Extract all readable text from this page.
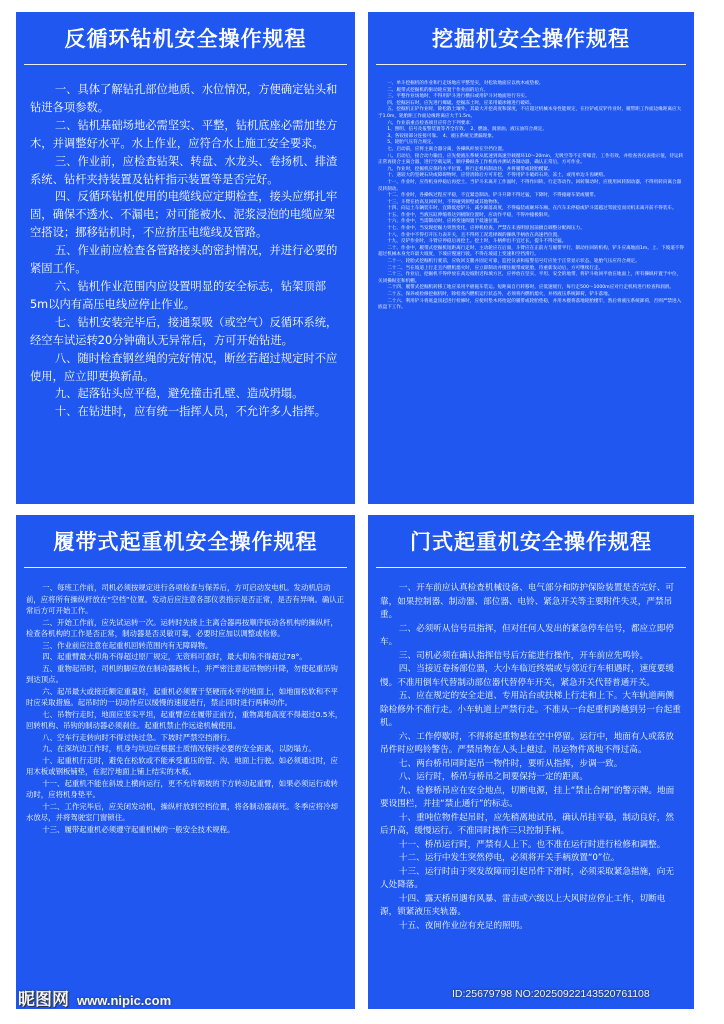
反循环钻机安全操作规程

一、具体了解钻孔部位地质、水位情况，方便确定钻头和钻进各项参数。

二、钻机基础场地必需坚实、平整，钻机底座必需加垫方木，并调整好水平。水上作业，应符合水上施工安全要求。

三、作业前，应检查钻架、转盘、水龙头、卷扬机、排渣系统、钻杆夹持装置及钻杆指示装置等是否完好。

四、反循环钻机使用的电缆线应定期检查，接头应绑扎牢固，确保不透水、不漏电；对可能被水、泥浆浸泡的电缆应架空搭设；挪移钻机时，不应挤压电缆线及管路。

五、作业前应检查各管路接头的密封情况，并进行必要的紧固工作。

六、钻机作业范围内应设置明显的安全标志，钻架顶部5m以内有高压电线应停止作业。

七、钻机安装完毕后，接通泵吸（或空气）反循环系统，经空车试运转20分钟确认无异常后，方可开始钻进。

八、随时检查钢丝绳的完好情况，断丝若超过规定时不应使用，应立即更换新品。

九、起落钻头应平稳，避免撞击孔壁、造成坍塌。

十、在钻进时，应有统一指挥人员，不允许多人指挥。

挖掘机安全操作规程

一、单斗挖掘机的作业和行走场地应平整坚实，对松软地面应以枕木或垫板。

二、履带式挖掘机的驱动轮应置于作业面的后方。

三、平整作业场地时，不得用铲斗进行横扫或用铲斗对地面进行夯实。

四、挖掘岩石时，应先进行爆破。挖掘冻土时，应采用破冰锤进行破碎。

五、挖掘机正铲作业时，除松散土壤外，其最大开挖高度和深度，不应超过机械本身性能规定，在拉铲或反铲作业时，履带距工作面边缘距离应大于1.0m，轮胎距工作面边缘距离应大于1.5m。

六、作业前重点检查项目应符合下列要求：

1、照明、信号及报警装置等齐全有效。　2、燃油、润滑油、液压油符合规定。

3、各铰接部分连接可靠。　4、液压系统无泄漏现象。

5、轮胎气压符合规定。

七、启动前，应将主离合器分离，各操纵杆放在空挡位置。

八、启动后，接合动力输出，应先使液压系统从低速到高速空载循环10～20min，无吸空等不正常噪音，工作有效，并检查各仪表指示值，待运转正常再接合主离合器，进行空载运转，顺序操纵各工作机构并测试各制动器，确认正常后，方可作业。

九、作业时，挖掘机应保持水平位置，将行走机构制动住，并将履带或轮胎楔紧。

十、遇较大的坚硬石块或障碍物时，应待清除后方可开挖，不得用铲斗破碎石块、冻土，或用单边斗齿硬啃。

十一、作业时，应待机身停稳后再挖土，当铲斗未离开工作面时，不得作回转、行走等动作。回转制动时，应使用回转制动器，不得用转向离合器反转制动。

十二、作业时，各操纵过程应平稳，不宜紧急制动。铲斗升降不得过猛，下降时，不得撞碰车架或履带。

十三、斗臂在抬高及回转时，不得碰到洞壁或其他物体。

十四、向运土车辆装车时，宜降低挖铲斗，减少卸落高度，不得偏装或砸坏车厢。在汽车未停稳或铲斗需越过驾驶室而司机未离开前不得装车。

十五、作业中，当液压缸伸缩将达到极限位置时，应动作平稳，不得冲撞极限块。

十六、作业中，当需制动时，应将变速阀置于低速位置。

十七、作业中，当发现挖掘力突然变化，应停机检查，严禁在未查明原因前擅自调整分配阀压力。

十八、作业中不得打开压力表开关，且不得将工况选择阀的操纵手柄放在高速挡位置。

十九、反铲作业时，斗臂应停稳后再挖土。挖土时，斗柄伸出不宜过长，提斗不得过猛。

二十、作业中，履带式挖掘机短距离行走时，主动轮应在后面，斗臂应在正前方与履带平行，制动住回转机构，铲斗应离地面1m。上、下坡道不得超过机械本身允许最大坡度，下坡应慢速行驶。不得在坡道上变速和空挡滑行。

二十一、轮胎式挖掘机行驶前，应收回支腿并固定可靠，监控仪表和报警信号灯应处于正常显示状态，轮胎气压应符合规定。

二十二、当在坡道上行走且内燃机熄火时，应立即制动并楔住履带或轮胎，待重新发动后，方可继续行走。

二十三、作业后，挖掘机不得停放在高边坡附近和填方区，应停放在坚实、平坦、安全的地带，将铲斗收回平放在地面上，所有操纵杆置于中位，关闭操纵室和机棚。

二十四、履带式挖掘机转移工地应采用平板拖车装运。短距离自行转移时，应低速缓行，每行走500～1000m应对行走机构进行检查和润滑。

二十五、保养或检修挖掘机时，除检查内燃机运行状态外，必须将内燃机熄火，并将液压系统卸荷，铲斗落地。

二十六、利用铲斗将底盘顶起进行检修时，应使用垫木将抬起的履带或轮胎垫稳，并用木楔将落地轮胎楔牢，然后将液压系统卸荷，否则严禁进入底盘下工作。

履带式起重机安全操作规程

一、每班工作前，司机必须按规定进行各项检查与保养后，方可启动发电机。发动机启动前，应将所有操纵杆放在“空档”位置。发动后应注意各部仪表指示是否正常，是否有异响。确认正常后方可开始工作。

二、开始工作前，应先试运转一次。运转时先接上主离合器再按顺序扳动各机构的操纵杆，检查各机构的工作是否正常，制动器是否灵敏可靠，必要时应加以调整或检修。

三、作业前应注意在起重机回转范围内有无障碍物。

四、起重臂最大仰角不得超过原厂规定，无资料可查时，最大仰角不得超过78°。

五、重物起吊时，司机的脚应放在制动器踏板上，并严密注意起吊物的升降，勿使起重吊钩到达顶点。

六、起吊最大或接近额定重量时，起重机必须置于坚硬而水平的地面上，如地面松软和不平时应采取措施。起吊时的一切动作应以缓慢的速度进行，禁止同时进行两种动作。

七、吊物行走时，地面应坚实平坦，起重臂应在履带正前方，重物离地高度不得超过0.5米，回转机构、吊钩的制动器必须刹住。起重机禁止作远途机械使用。

八、空车行走转向时不得过快过急。下坡时严禁空挡滑行。

九、在深坑边工作时，机身与坑边应根据土质情况保持必要的安全距离，以防塌方。

十、起重机行走时，避免在松软或不能承受重压的管、沟、地面上行驶。如必须通过时，应用木板或钢板铺垫，在泥泞地面上铺上结实的木板。

十一、起重机不能在斜坡上横向运行，更不允许朝坡的下方转动起重臂，如果必须运行或转动时，应将机身垫平。

十二、工作完毕后，应关闭发动机，操纵杆放到空档位置，将各制动器刹死。冬季应将冷却水放尽，并将驾驶室门窗锁住。

十三、履带起重机必须遵守起重机械的一般安全技术规程。

门式起重机安全操作规程

一、开车前应认真检查机械设备、电气部分和防护保险装置是否完好、可靠，如果控制器、制动器、部位器、电铃、紧急开关等主要附件失灵，严禁吊重。

二、必须听从信号员指挥，但对任何人发出的紧急停车信号，都应立即停车。

三、司机必须在确认指挥信号后方能进行操作，开车前应先鸣铃。

四、当接近卷扬部位器，大小车临近终端或与邻近行车相遇时，速度要缓慢。不准用倒车代替制动部位器代替停车开关，紧急开关代替普通开关。

五、应在规定的安全走道、专用站台或扶梯上行走和上下。大车轨道两侧除检修外不准行走。小车轨道上严禁行走。不准从一台起重机跨越到另一台起重机。

六、工作停歇时，不得将起重物悬在空中停留。运行中，地面有人或落放吊件时应鸣铃警告。严禁吊物在人头上越过。吊运物件离地不得过高。

七、两台桥吊同时起吊一物件时，要听从指挥，步调一致。

八、运行时，桥吊与桥吊之间要保持一定的距离。

九、检修桥吊应在安全地点，切断电源，挂上“禁止合闸”的警示牌。地面要设围栏，并挂“禁止通行”的标志。

十、重吨位物件起吊时，应先稍离地试吊，确认吊挂平稳，制动良好，然后升高，缓慢运行。不准同时操作三只控制手柄。

十一、桥吊运行时，严禁有人上下。也不准在运行时进行检修和调整。

十二、运行中发生突然停电，必须将开关手柄放置“0”位。

十三、运行时由于突发故障而引起吊件下滑时，必须采取紧急措施，向无人处降落。

十四、露天桥吊遇有风暴、雷击或六级以上大风时应停止工作，切断电源，锁紧液压夹轨器。

十五、夜间作业应有充足的照明。

昵图网 www.nipic.com	ID:25679798 NO:20250922143520761108
